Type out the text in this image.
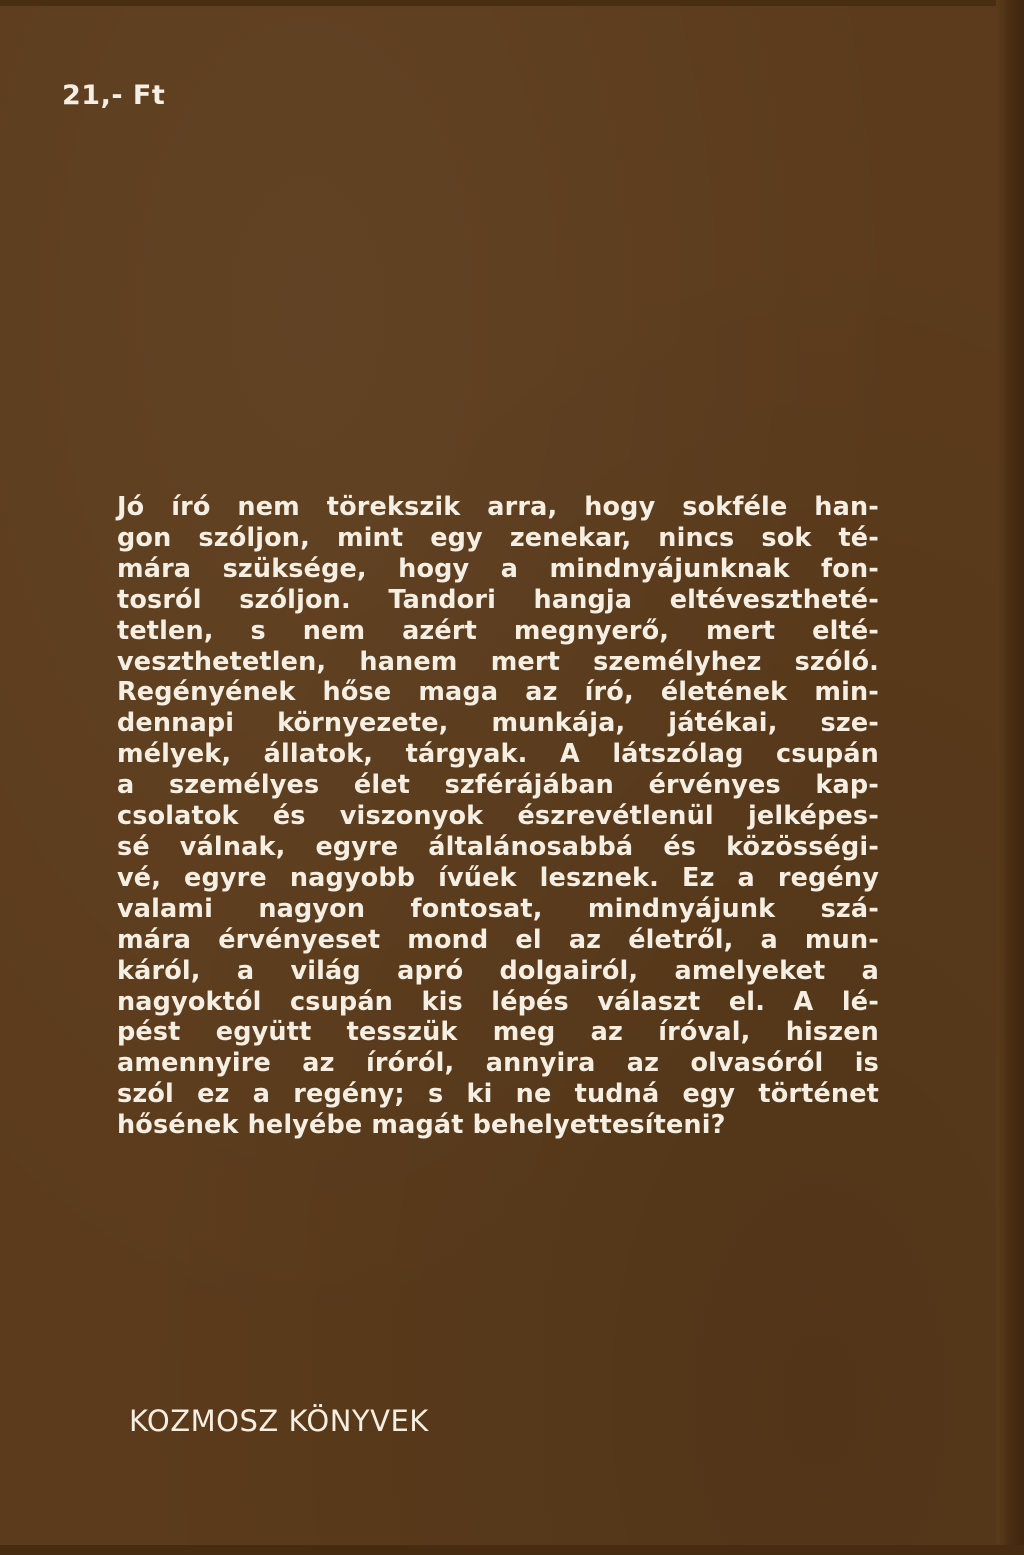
21,- Ft
Jó író nem törekszik arra, hogy sokféle han-
gon szóljon, mint egy zenekar, nincs sok té-
mára szüksége, hogy a mindnyájunknak fon-
tosról szóljon. Tandori hangja eltévesztheté-
tetlen, s nem azért megnyerő, mert elté-
veszthetetlen, hanem mert személyhez szóló.
Regényének hőse maga az író, életének min-
dennapi környezete, munkája, játékai, sze-
mélyek, állatok, tárgyak. A látszólag csupán
a személyes élet szférájában érvényes kap-
csolatok és viszonyok észrevétlenül jelképes-
sé válnak, egyre általánosabbá és közösségi-
vé, egyre nagyobb ívűek lesznek. Ez a regény
valami nagyon fontosat, mindnyájunk szá-
mára érvényeset mond el az életről, a mun-
káról, a világ apró dolgairól, amelyeket a
nagyoktól csupán kis lépés választ el. A lé-
pést együtt tesszük meg az íróval, hiszen
amennyire az íróról, annyira az olvasóról is
szól ez a regény; s ki ne tudná egy történet
hősének helyébe magát behelyettesíteni?
KOZMOSZ KÖNYVEK
